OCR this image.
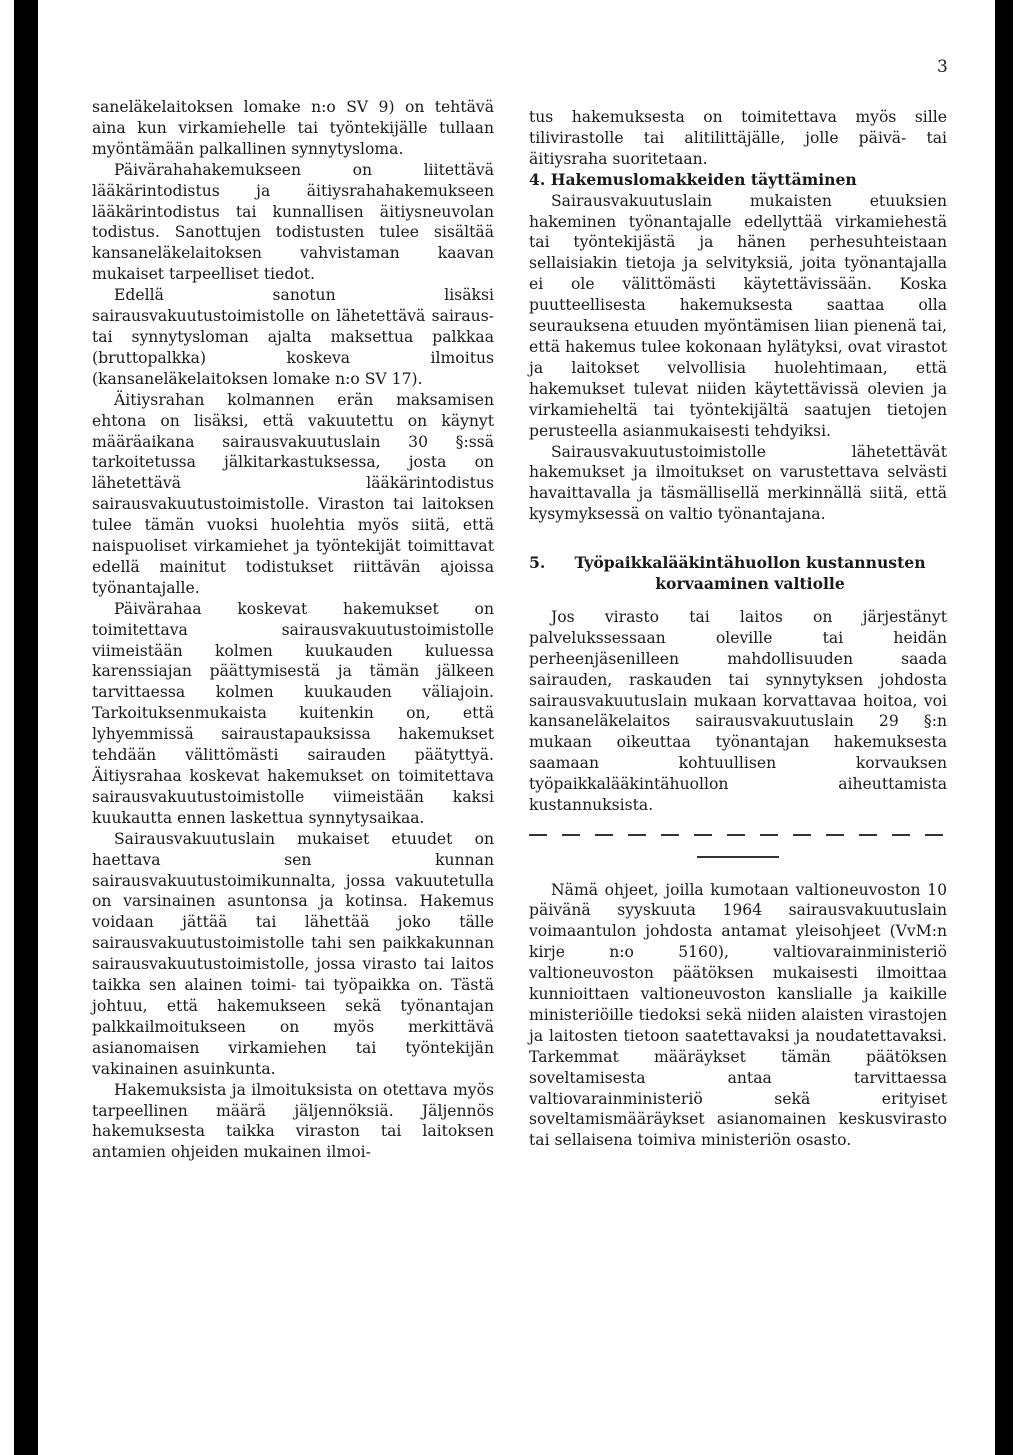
3

saneläkelaitoksen lomake n:o SV 9) on tehtävä aina kun virkamiehelle tai työntekijälle tullaan myöntämään palkallinen synnytysloma.

Päivärahahakemukseen on liitettävä lääkärintodistus ja äitiysrahahakemukseen lääkärintodistus tai kunnallisen äitiysneuvolan todistus. Sanottujen todistusten tulee sisältää kansaneläkelaitoksen vahvistaman kaavan mukaiset tarpeelliset tiedot.

Edellä sanotun lisäksi sairausvakuutustoimistolle on lähetettävä sairaus- tai synnytysloman ajalta maksettua palkkaa (bruttopalkka) koskeva ilmoitus (kansaneläkelaitoksen lomake n:o SV 17).

Äitiysrahan kolmannen erän maksamisen ehtona on lisäksi, että vakuutettu on käynyt määräaikana sairausvakuutuslain 30 §:ssä tarkoitetussa jälkitarkastuksessa, josta on lähetettävä lääkärintodistus sairausvakuutustoimistolle. Viraston tai laitoksen tulee tämän vuoksi huolehtia myös siitä, että naispuoliset virkamiehet ja työntekijät toimittavat edellä mainitut todistukset riittävän ajoissa työnantajalle.

Päivärahaa koskevat hakemukset on toimitettava sairausvakuutustoimistolle viimeistään kolmen kuukauden kuluessa karenssiajan päättymisestä ja tämän jälkeen tarvittaessa kolmen kuukauden väliajoin. Tarkoituksenmukaista kuitenkin on, että lyhyemmissä sairaustapauksissa hakemukset tehdään välittömästi sairauden päätyttyä. Äitiysrahaa koskevat hakemukset on toimitettava sairausvakuutustoimistolle viimeistään kaksi kuukautta ennen laskettua synnytysaikaa.

Sairausvakuutuslain mukaiset etuudet on haettava sen kunnan sairausvakuutustoimikunnalta, jossa vakuutetulla on varsinainen asuntonsa ja kotinsa. Hakemus voidaan jättää tai lähettää joko tälle sairausvakuutustoimistolle tahi sen paikkakunnan sairausvakuutustoimistolle, jossa virasto tai laitos taikka sen alainen toimi- tai työpaikka on. Tästä johtuu, että hakemukseen sekä työnantajan palkkailmoitukseen on myös merkittävä asianomaisen virkamiehen tai työntekijän vakinainen asuinkunta.

Hakemuksista ja ilmoituksista on otettava myös tarpeellinen määrä jäljennöksiä. Jäljennös hakemuksesta taikka viraston tai laitoksen antamien ohjeiden mukainen ilmoi-

tus hakemuksesta on toimitettava myös sille tilivirastolle tai alitilittäjälle, jolle päivä- tai äitiysraha suoritetaan.

4. Hakemuslomakkeiden täyttäminen

Sairausvakuutuslain mukaisten etuuksien hakeminen työnantajalle edellyttää virkamiehestä tai työntekijästä ja hänen perhesuhteistaan sellaisiakin tietoja ja selvityksiä, joita työnantajalla ei ole välittömästi käytettävissään. Koska puutteellisesta hakemuksesta saattaa olla seurauksena etuuden myöntämisen liian pienenä tai, että hakemus tulee kokonaan hylätyksi, ovat virastot ja laitokset velvollisia huolehtimaan, että hakemukset tulevat niiden käytettävissä olevien ja virkamieheltä tai työntekijältä saatujen tietojen perusteella asianmukaisesti tehdyiksi.

Sairausvakuutustoimistolle lähetettävät hakemukset ja ilmoitukset on varustettava selvästi havaittavalla ja täsmällisellä merkinnällä siitä, että kysymyksessä on valtio työnantajana.

5.	Työpaikkalääkintähuollon kustannusten korvaaminen valtiolle

Jos virasto tai laitos on järjestänyt palvelukssessaan oleville tai heidän perheenjäsenilleen mahdollisuuden saada sairauden, raskauden tai synnytyksen johdosta sairausvakuutuslain mukaan korvattavaa hoitoa, voi kansaneläkelaitos sairausvakuutuslain 29 §:n mukaan oikeuttaa työnantajan hakemuksesta saamaan kohtuullisen korvauksen työpaikkalääkintähuollon aiheuttamista kustannuksista.

Nämä ohjeet, joilla kumotaan valtioneuvoston 10 päivänä syyskuuta 1964 sairausvakuutuslain voimaantulon johdosta antamat yleisohjeet (VvM:n kirje n:o 5160), valtiovarainministeriö valtioneuvoston päätöksen mukaisesti ilmoittaa kunnioittaen valtioneuvoston kanslialle ja kaikille ministeriöille tiedoksi sekä niiden alaisten virastojen ja laitosten tietoon saatettavaksi ja noudatettavaksi. Tarkemmat määräykset tämän päätöksen soveltamisesta antaa tarvittaessa valtiovarainministeriö sekä erityiset soveltamismääräykset asianomainen keskusvirasto tai sellaisena toimiva ministeriön osasto.
